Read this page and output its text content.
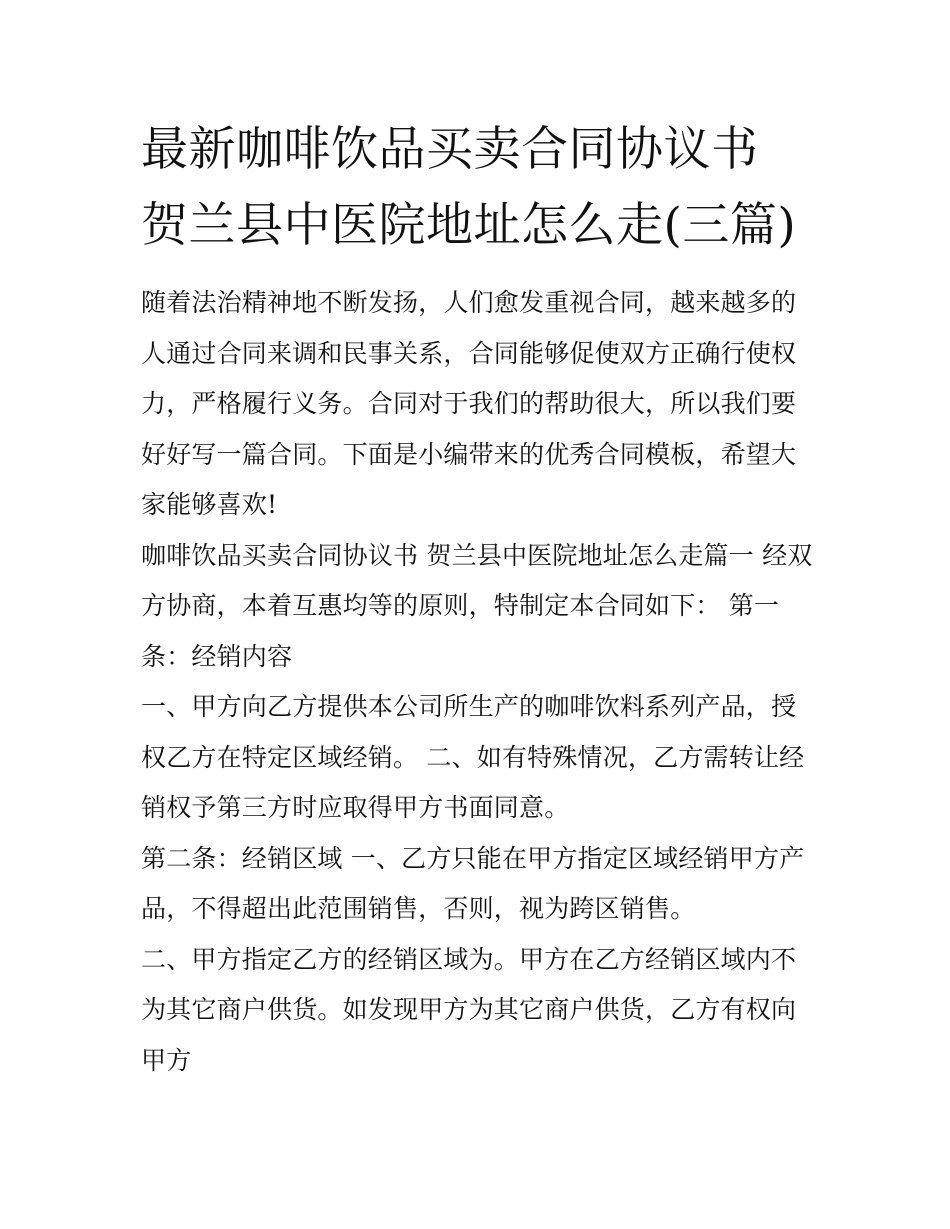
最新咖啡饮品买卖合同协议书 贺兰县中医院地址怎么走(三篇)

随着法治精神地不断发扬，人们愈发重视合同，越来越多的人通过合同来调和民事关系，合同能够促使双方正确行使权力，严格履行义务。合同对于我们的帮助很大，所以我们要好好写一篇合同。下面是小编带来的优秀合同模板，希望大家能够喜欢!

咖啡饮品买卖合同协议书 贺兰县中医院地址怎么走篇一 经双方协商，本着互惠均等的原则，特制定本合同如下： 第一条：经销内容

一、甲方向乙方提供本公司所生产的咖啡饮料系列产品，授权乙方在特定区域经销。 二、如有特殊情况，乙方需转让经销权予第三方时应取得甲方书面同意。

第二条：经销区域 一、乙方只能在甲方指定区域经销甲方产品，不得超出此范围销售，否则，视为跨区销售。

二、甲方指定乙方的经销区域为。甲方在乙方经销区域内不为其它商户供货。如发现甲方为其它商户供货，乙方有权向甲方
